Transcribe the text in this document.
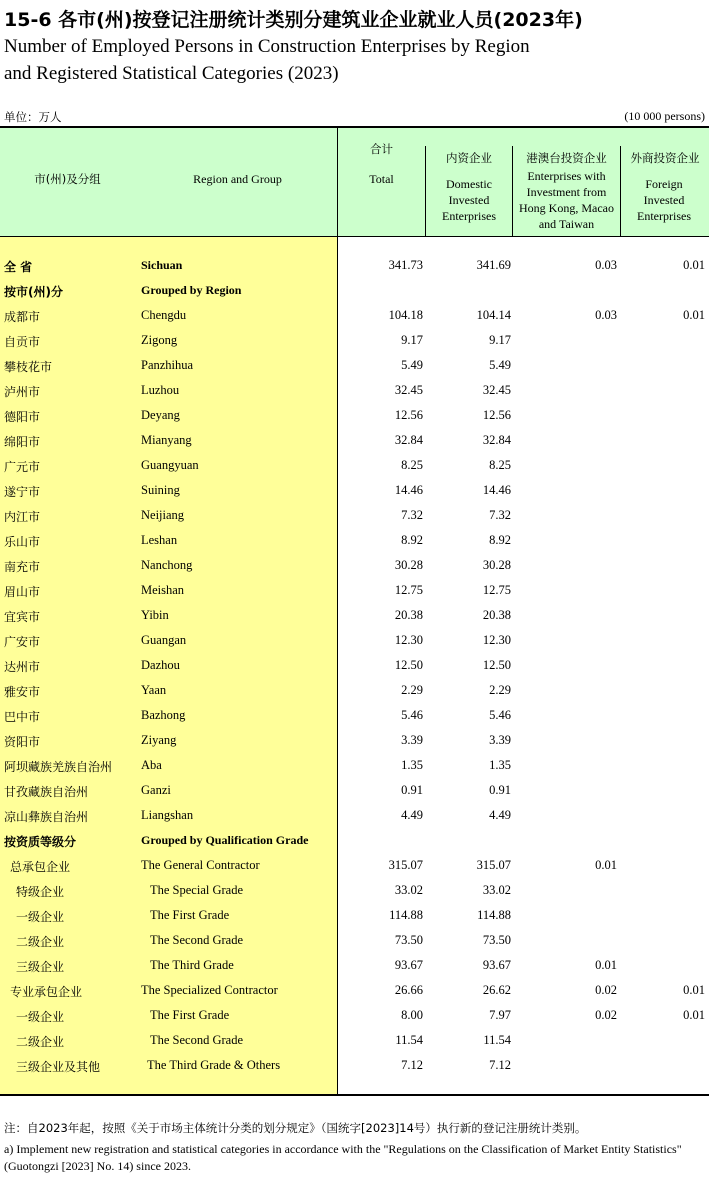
15-6 各市(州)按登记注册统计类别分建筑业企业就业人员(2023年)
Number of Employed Persons in Construction Enterprises by Region
and Registered Statistical Categories (2023)
单位：万人	(10 000 persons)
市(州)及分组	Region and Group
合计
Total
内资企业
Domestic Invested Enterprises
港澳台投资企业
Enterprises with Investment from Hong Kong, Macao and Taiwan
外商投资企业
Foreign Invested Enterprises
全 省	Sichuan	341.73	341.69	0.03	0.01
按市(州)分	Grouped by Region
成都市	Chengdu	104.18	104.14	0.03	0.01
自贡市	Zigong	9.17	9.17
攀枝花市	Panzhihua	5.49	5.49
泸州市	Luzhou	32.45	32.45
德阳市	Deyang	12.56	12.56
绵阳市	Mianyang	32.84	32.84
广元市	Guangyuan	8.25	8.25
遂宁市	Suining	14.46	14.46
内江市	Neijiang	7.32	7.32
乐山市	Leshan	8.92	8.92
南充市	Nanchong	30.28	30.28
眉山市	Meishan	12.75	12.75
宜宾市	Yibin	20.38	20.38
广安市	Guangan	12.30	12.30
达州市	Dazhou	12.50	12.50
雅安市	Yaan	2.29	2.29
巴中市	Bazhong	5.46	5.46
资阳市	Ziyang	3.39	3.39
阿坝藏族羌族自治州 Aba	1.35	1.35
甘孜藏族自治州	Ganzi	0.91	0.91
凉山彝族自治州	Liangshan	4.49	4.49
按资质等级分	Grouped by Qualification Grade
总承包企业	The General Contractor	315.07	315.07	0.01
特级企业	The Special Grade	33.02	33.02
一级企业	The First Grade	114.88	114.88
二级企业	The Second Grade	73.50	73.50
三级企业	The Third Grade	93.67	93.67	0.01
专业承包企业	The Specialized Contractor	26.66	26.62	0.02	0.01
一级企业	The First Grade	8.00	7.97	0.02	0.01
二级企业	The Second Grade	11.54	11.54
三级企业及其他	The Third Grade & Others	7.12	7.12
注：自2023年起，按照《关于市场主体统计分类的划分规定》（国统字[2023]14号）执行新的登记注册统计类别。
a) Implement new registration and statistical categories in accordance with the "Regulations on the Classification of Market Entity Statistics"(Guotongzi [2023] No. 14) since 2023.
